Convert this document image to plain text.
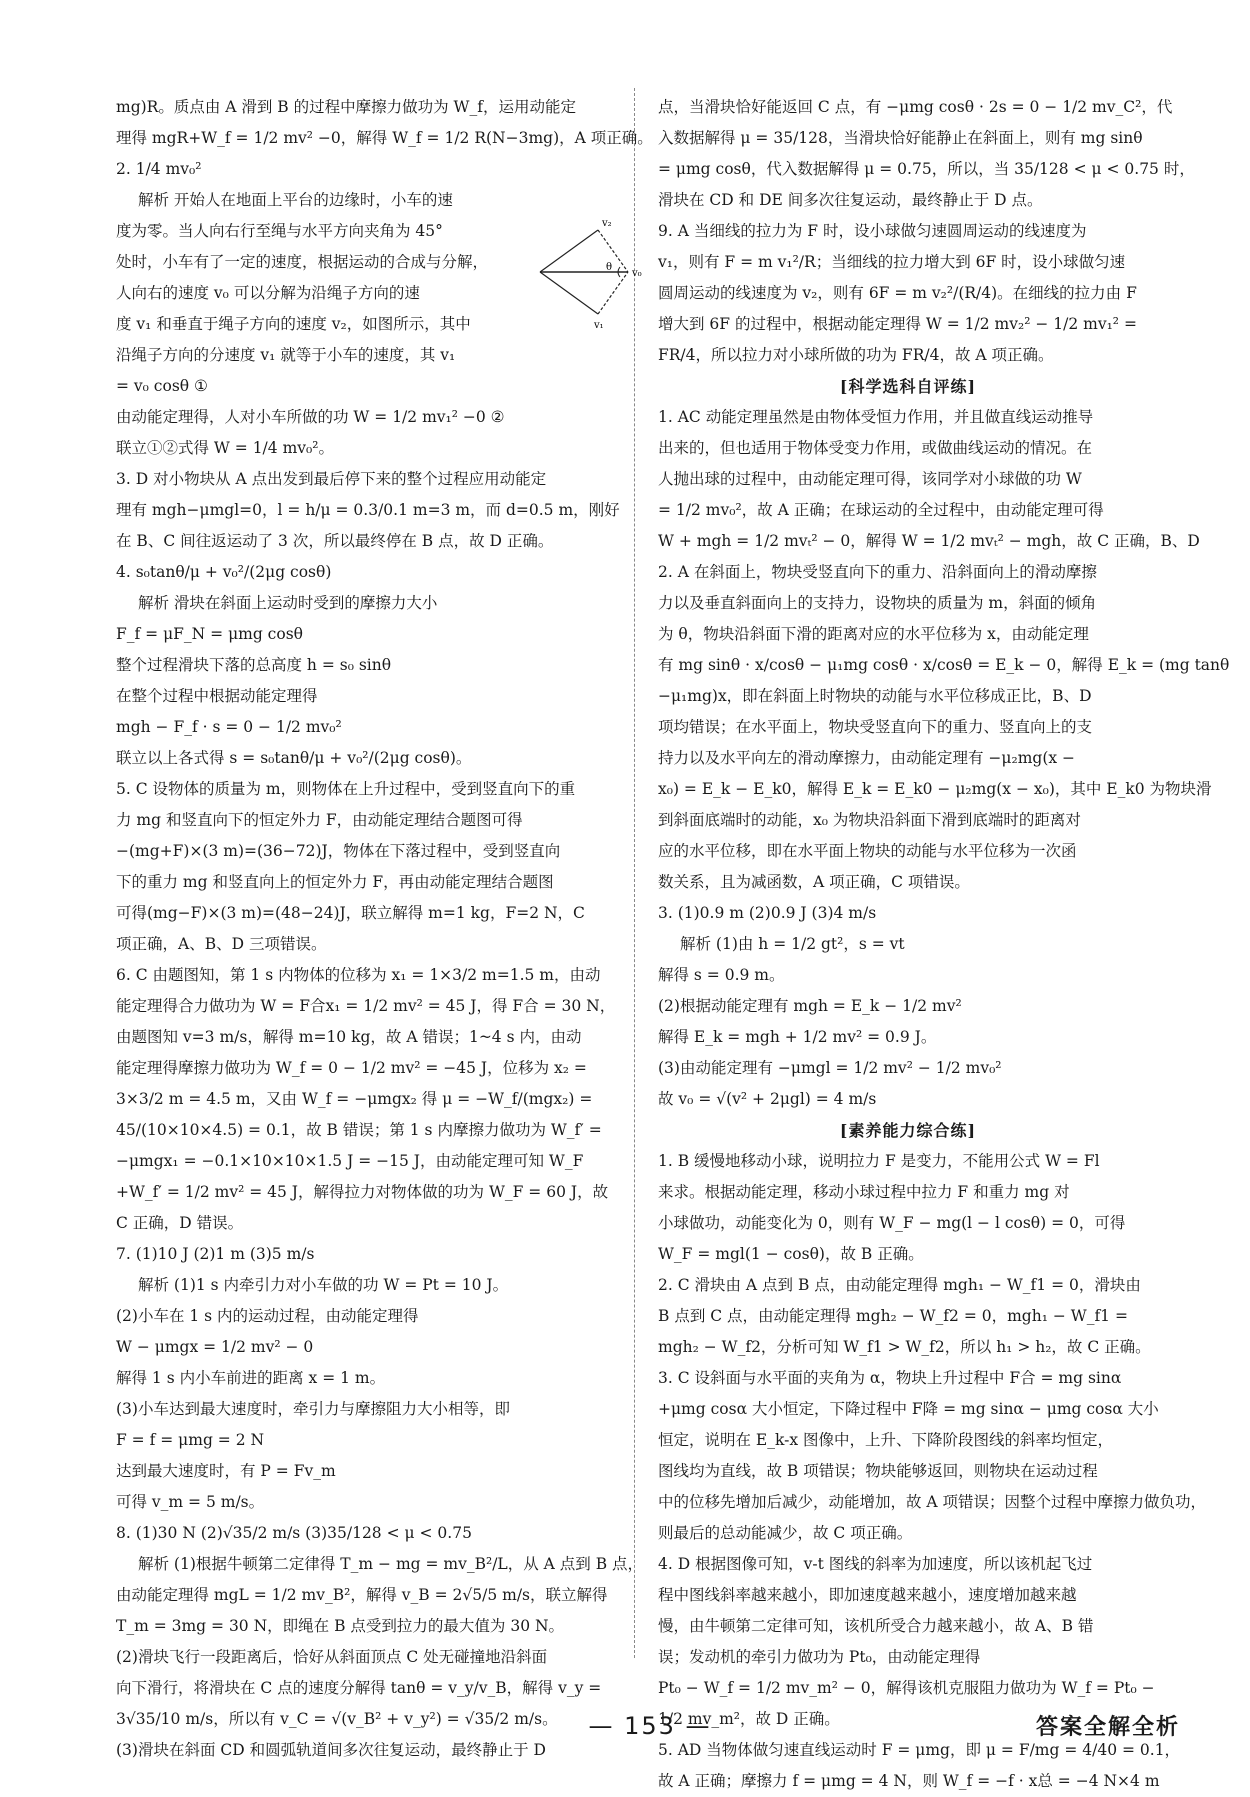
mg)R。质点由 A 滑到 B 的过程中摩擦力做功为 W_f，运用动能定

理得 mgR+W_f = 1/2 mv² −0，解得 W_f = 1/2 R(N−3mg)，A 项正确。

2. 1/4 mv₀²

解析 开始人在地面上平台的边缘时，小车的速

度为零。当人向右行至绳与水平方向夹角为 45°

处时，小车有了一定的速度，根据运动的合成与分解，

人向右的速度 v₀ 可以分解为沿绳子方向的速

度 v₁ 和垂直于绳子方向的速度 v₂，如图所示，其中

沿绳子方向的分速度 v₁ 就等于小车的速度，其 v₁

= v₀ cosθ ①

由动能定理得，人对小车所做的功 W = 1/2 mv₁² −0 ②

联立①②式得 W = 1/4 mv₀²。

3. D 对小物块从 A 点出发到最后停下来的整个过程应用动能定

理有 mgh−μmgl=0，l = h/μ = 0.3/0.1 m=3 m，而 d=0.5 m，刚好

在 B、C 间往返运动了 3 次，所以最终停在 B 点，故 D 正确。

4. s₀tanθ/μ + v₀²/(2μg cosθ)

解析 滑块在斜面上运动时受到的摩擦力大小

F_f = μF_N = μmg cosθ

整个过程滑块下落的总高度 h = s₀ sinθ

在整个过程中根据动能定理得

mgh − F_f · s = 0 − 1/2 mv₀²

联立以上各式得 s = s₀tanθ/μ + v₀²/(2μg cosθ)。

5. C 设物体的质量为 m，则物体在上升过程中，受到竖直向下的重

力 mg 和竖直向下的恒定外力 F，由动能定理结合题图可得

−(mg+F)×(3 m)=(36−72)J，物体在下落过程中，受到竖直向

下的重力 mg 和竖直向上的恒定外力 F，再由动能定理结合题图

可得(mg−F)×(3 m)=(48−24)J，联立解得 m=1 kg，F=2 N，C

项正确，A、B、D 三项错误。

6. C 由题图知，第 1 s 内物体的位移为 x₁ = 1×3/2 m=1.5 m，由动

能定理得合力做功为 W = F合x₁ = 1/2 mv² = 45 J，得 F合 = 30 N，

由题图知 v=3 m/s，解得 m=10 kg，故 A 错误；1~4 s 内，由动

能定理得摩擦力做功为 W_f = 0 − 1/2 mv² = −45 J，位移为 x₂ =

3×3/2 m = 4.5 m，又由 W_f = −μmgx₂ 得 μ = −W_f/(mgx₂) =

45/(10×10×4.5) = 0.1，故 B 错误；第 1 s 内摩擦力做功为 W_f′ =

−μmgx₁ = −0.1×10×10×1.5 J = −15 J，由动能定理可知 W_F

+W_f′ = 1/2 mv² = 45 J，解得拉力对物体做的功为 W_F = 60 J，故

C 正确，D 错误。

7. (1)10 J (2)1 m (3)5 m/s

解析 (1)1 s 内牵引力对小车做的功 W = Pt = 10 J。

(2)小车在 1 s 内的运动过程，由动能定理得

W − μmgx = 1/2 mv² − 0

解得 1 s 内小车前进的距离 x = 1 m。

(3)小车达到最大速度时，牵引力与摩擦阻力大小相等，即

F = f = μmg = 2 N

达到最大速度时，有 P = Fv_m

可得 v_m = 5 m/s。

8. (1)30 N (2)√35/2 m/s (3)35/128 < μ < 0.75

解析 (1)根据牛顿第二定律得 T_m − mg = mv_B²/L，从 A 点到 B 点，

由动能定理得 mgL = 1/2 mv_B²，解得 v_B = 2√5/5 m/s，联立解得

T_m = 3mg = 30 N，即绳在 B 点受到拉力的最大值为 30 N。

(2)滑块飞行一段距离后，恰好从斜面顶点 C 处无碰撞地沿斜面

向下滑行，将滑块在 C 点的速度分解得 tanθ = v_y/v_B，解得 v_y =

3√35/10 m/s，所以有 v_C = √(v_B² + v_y²) = √35/2 m/s。

(3)滑块在斜面 CD 和圆弧轨道间多次往复运动，最终静止于 D

点，当滑块恰好能返回 C 点，有 −μmg cosθ · 2s = 0 − 1/2 mv_C²，代

入数据解得 μ = 35/128，当滑块恰好能静止在斜面上，则有 mg sinθ

= μmg cosθ，代入数据解得 μ = 0.75，所以，当 35/128 < μ < 0.75 时，

滑块在 CD 和 DE 间多次往复运动，最终静止于 D 点。

9. A 当细线的拉力为 F 时，设小球做匀速圆周运动的线速度为

v₁，则有 F = m v₁²/R；当细线的拉力增大到 6F 时，设小球做匀速

圆周运动的线速度为 v₂，则有 6F = m v₂²/(R/4)。在细线的拉力由 F

增大到 6F 的过程中，根据动能定理得 W = 1/2 mv₂² − 1/2 mv₁² =

FR/4，所以拉力对小球所做的功为 FR/4，故 A 项正确。

[科学选科自评练]

1. AC 动能定理虽然是由物体受恒力作用，并且做直线运动推导

出来的，但也适用于物体受变力作用，或做曲线运动的情况。在

人抛出球的过程中，由动能定理可得，该同学对小球做的功 W

= 1/2 mv₀²，故 A 正确；在球运动的全过程中，由动能定理可得

W + mgh = 1/2 mvₜ² − 0，解得 W = 1/2 mvₜ² − mgh，故 C 正确，B、D

2. A 在斜面上，物块受竖直向下的重力、沿斜面向上的滑动摩擦

力以及垂直斜面向上的支持力，设物块的质量为 m，斜面的倾角

为 θ，物块沿斜面下滑的距离对应的水平位移为 x，由动能定理

有 mg sinθ · x/cosθ − μ₁mg cosθ · x/cosθ = E_k − 0，解得 E_k = (mg tanθ

−μ₁mg)x，即在斜面上时物块的动能与水平位移成正比，B、D

项均错误；在水平面上，物块受竖直向下的重力、竖直向上的支

持力以及水平向左的滑动摩擦力，由动能定理有 −μ₂mg(x −

x₀) = E_k − E_k0，解得 E_k = E_k0 − μ₂mg(x − x₀)，其中 E_k0 为物块滑

到斜面底端时的动能，x₀ 为物块沿斜面下滑到底端时的距离对

应的水平位移，即在水平面上物块的动能与水平位移为一次函

数关系，且为减函数，A 项正确，C 项错误。

3. (1)0.9 m (2)0.9 J (3)4 m/s

解析 (1)由 h = 1/2 gt²，s = vt

解得 s = 0.9 m。

(2)根据动能定理有 mgh = E_k − 1/2 mv²

解得 E_k = mgh + 1/2 mv² = 0.9 J。

(3)由动能定理有 −μmgl = 1/2 mv² − 1/2 mv₀²

故 v₀ = √(v² + 2μgl) = 4 m/s

[素养能力综合练]

1. B 缓慢地移动小球，说明拉力 F 是变力，不能用公式 W = Fl

来求。根据动能定理，移动小球过程中拉力 F 和重力 mg 对

小球做功，动能变化为 0，则有 W_F − mg(l − l cosθ) = 0，可得

W_F = mgl(1 − cosθ)，故 B 正确。

2. C 滑块由 A 点到 B 点，由动能定理得 mgh₁ − W_f1 = 0，滑块由

B 点到 C 点，由动能定理得 mgh₂ − W_f2 = 0，mgh₁ − W_f1 =

mgh₂ − W_f2，分析可知 W_f1 > W_f2，所以 h₁ > h₂，故 C 正确。

3. C 设斜面与水平面的夹角为 α，物块上升过程中 F合 = mg sinα

+μmg cosα 大小恒定，下降过程中 F降 = mg sinα − μmg cosα 大小

恒定，说明在 E_k-x 图像中，上升、下降阶段图线的斜率均恒定，

图线均为直线，故 B 项错误；物块能够返回，则物块在运动过程

中的位移先增加后减少，动能增加，故 A 项错误；因整个过程中摩擦力做负功，

则最后的总动能减少，故 C 项正确。

4. D 根据图像可知，v-t 图线的斜率为加速度，所以该机起飞过

程中图线斜率越来越小，即加速度越来越小，速度增加越来越

慢，由牛顿第二定律可知，该机所受合力越来越小，故 A、B 错

误；发动机的牵引力做功为 Pt₀，由动能定理得

Pt₀ − W_f = 1/2 mv_m² − 0，解得该机克服阻力做功为 W_f = Pt₀ −

1/2 mv_m²，故 D 正确。

5. AD 当物体做匀速直线运动时 F = μmg，即 μ = F/mg = 4/40 = 0.1，

故 A 正确；摩擦力 f = μmg = 4 N，则 W_f = −f · x总 = −4 N×4 m

v₂
θ
v₀
v₁
— 153 —	答案全解全析
